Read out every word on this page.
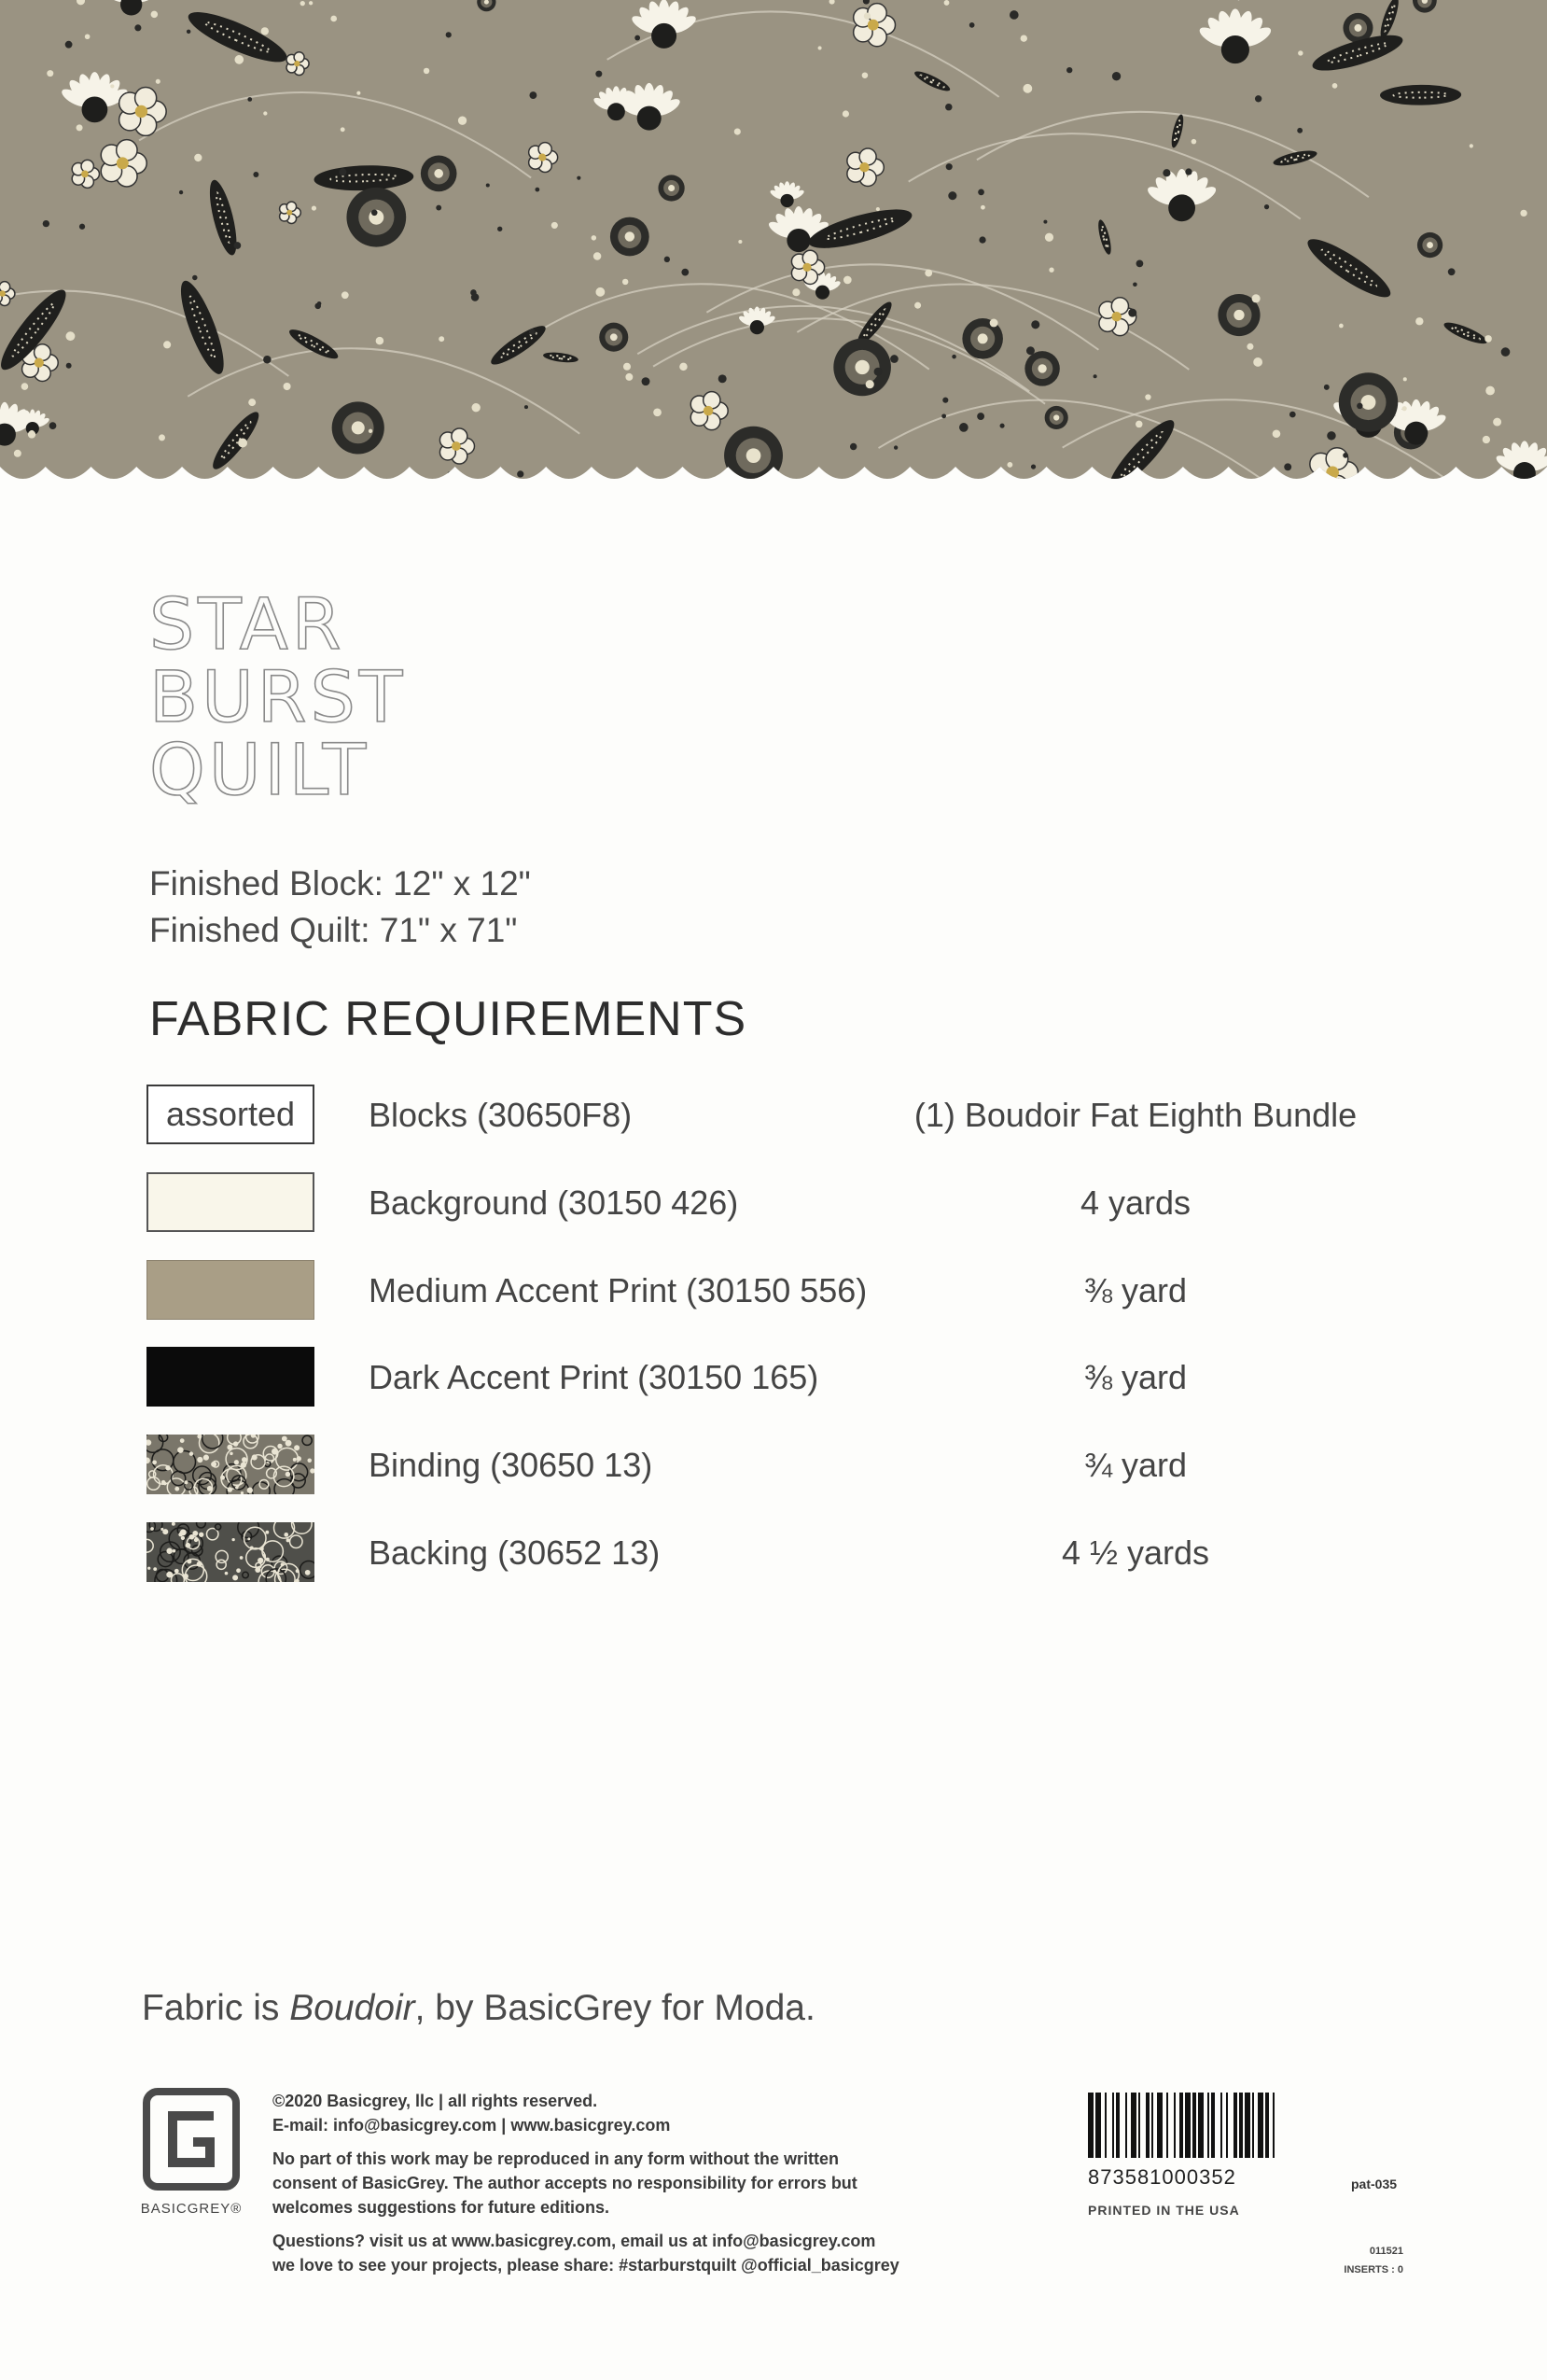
STAR
BURST
QUILT
Finished Block: 12" x 12"
Finished Quilt: 71" x 71"
FABRIC REQUIREMENTS
assorted	Blocks (30650F8)	(1) Boudoir Fat Eighth Bundle
Background (30150 426)	4 yards
Medium Accent Print (30150 556)	⅜ yard
Dark Accent Print (30150 165)	⅜ yard
Binding (30650 13)	¾ yard
Backing (30652 13)	4 ½ yards
Fabric is Boudoir, by BasicGrey for Moda.
BASICGREY®

©2020 Basicgrey, llc | all rights reserved.

E-mail: info@basicgrey.com | www.basicgrey.com

No part of this work may be reproduced in any form without the written

consent of BasicGrey. The author accepts no responsibility for errors but

welcomes suggestions for future editions.

Questions? visit us at www.basicgrey.com, email us at info@basicgrey.com

we love to see your projects, please share: #starburstquilt @official_basicgrey

873581000352	pat-035
PRINTED IN THE USA
011521
INSERTS : 0
